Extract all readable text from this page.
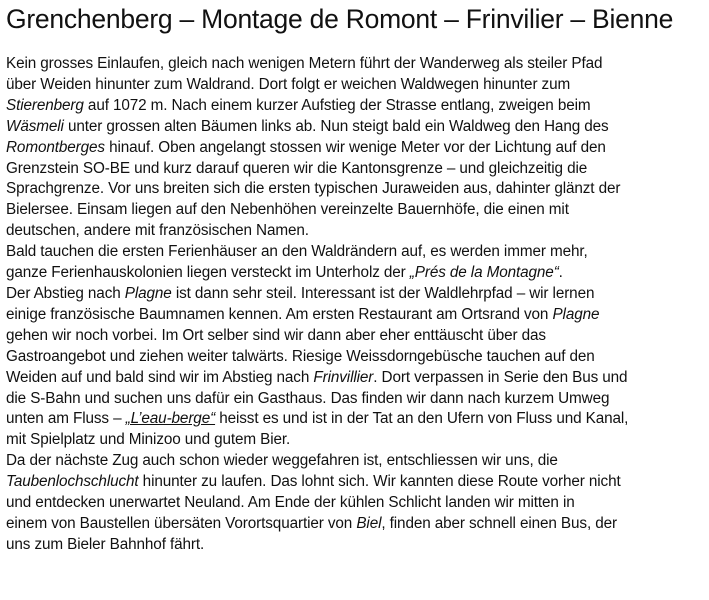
Grenchenberg – Montage de Romont – Frinvilier – Bienne
Kein grosses Einlaufen, gleich nach wenigen Metern führt der Wanderweg als steiler Pfad
über Weiden hinunter zum Waldrand. Dort folgt er weichen Waldwegen hinunter zum
Stierenberg auf 1072 m. Nach einem kurzer Aufstieg der Strasse entlang, zweigen beim
Wäsmeli unter grossen alten Bäumen links ab. Nun steigt bald ein Waldweg den Hang des
Romontberges hinauf. Oben angelangt stossen wir wenige Meter vor der Lichtung auf den
Grenzstein SO-BE und kurz darauf queren wir die Kantonsgrenze – und gleichzeitig die
Sprachgrenze. Vor uns breiten sich die ersten typischen Juraweiden aus, dahinter glänzt der
Bielersee. Einsam liegen auf den Nebenhöhen vereinzelte Bauernhöfe, die einen mit
deutschen, andere mit französischen Namen.
Bald tauchen die ersten Ferienhäuser an den Waldrändern auf, es werden immer mehr,
ganze Ferienhauskolonien liegen versteckt im Unterholz der „Prés de la Montagne“.
Der Abstieg nach Plagne ist dann sehr steil. Interessant ist der Waldlehrpfad – wir lernen
einige französische Baumnamen kennen. Am ersten Restaurant am Ortsrand von Plagne
gehen wir noch vorbei. Im Ort selber sind wir dann aber eher enttäuscht über das
Gastroangebot und ziehen weiter talwärts. Riesige Weissdorngebüsche tauchen auf den
Weiden auf und bald sind wir im Abstieg nach Frinvillier. Dort verpassen in Serie den Bus und
die S-Bahn und suchen uns dafür ein Gasthaus. Das finden wir dann nach kurzem Umweg
unten am Fluss – „L’eau-berge“ heisst es und ist in der Tat an den Ufern von Fluss und Kanal,
mit Spielplatz und Minizoo und gutem Bier.
Da der nächste Zug auch schon wieder weggefahren ist, entschliessen wir uns, die
Taubenlochschlucht hinunter zu laufen. Das lohnt sich. Wir kannten diese Route vorher nicht
und entdecken unerwartet Neuland. Am Ende der kühlen Schlicht landen wir mitten in
einem von Baustellen übersäten Vorortsquartier von Biel, finden aber schnell einen Bus, der
uns zum Bieler Bahnhof fährt.
